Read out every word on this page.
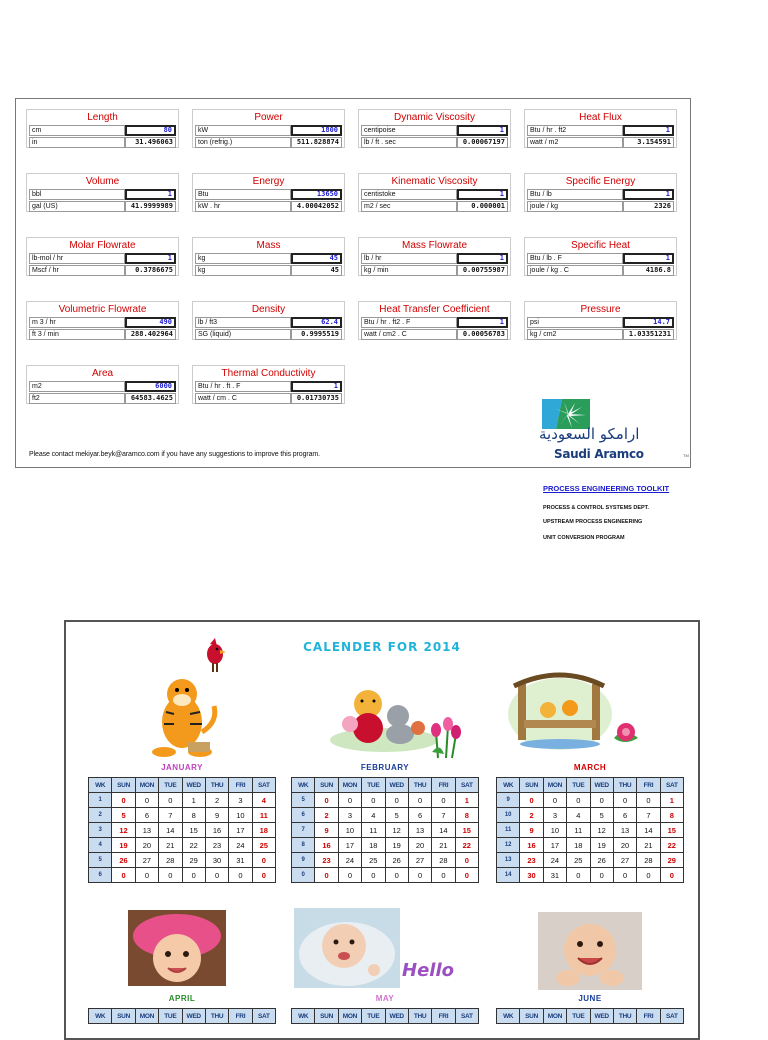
Length
cm	80
in	31.496063
Power
kW	1800
ton (refrig.)	511.828874
Dynamic Viscosity
centipoise	1
lb / ft . sec	0.00067197
Heat Flux
Btu / hr . ft2	1
watt / m2	3.154591
Volume
bbl	1
gal (US)	41.9999989
Energy
Btu	13650
kW . hr	4.00042052
Kinematic Viscosity
centistoke	1
m2 / sec	0.000001
Specific Energy
Btu / lb	1
joule / kg	2326
Molar Flowrate
lb-mol / hr	1
Mscf / hr	0.3786675
Mass
kg	45
kg	45
Mass Flowrate
lb / hr	1
kg / min	0.00755987
Specific Heat
Btu / lb . F	1
joule / kg . C	4186.8
Volumetric Flowrate
m 3 / hr	490
ft 3 / min	288.402964
Density
lb / ft3	62.4
SG (liquid)	0.9995519
Heat Transfer Coefficient
Btu / hr . ft2 . F	1
watt / cm2 . C	0.00056783
Pressure
psi	14.7
kg / cm2	1.03351231
Area
m2	6000
ft2	64583.4625
Thermal Conductivity
Btu / hr . ft . F	1
watt / cm . C	0.01730735
ارامكو السعودية
Saudi Aramco	TM
PROCESS ENGINEERING TOOLKIT
PROCESS & CONTROL SYSTEMS DEPT.
UPSTREAM PROCESS ENGINEERING
UNIT CONVERSION PROGRAM
Please contact mekiyar.beyk@aramco.com if you have any suggestions to improve this program.
CALENDER FOR 2014
Hello
JANUARY
WK	SUN	MON	TUE	WED	THU	FRI	SAT
1	0	0	0	1	2	3	4
2	5	6	7	8	9	10	11
3	12	13	14	15	16	17	18
4	19	20	21	22	23	24	25
5	26	27	28	29	30	31	0
6	0	0	0	0	0	0	0
FEBRUARY
WK	SUN	MON	TUE	WED	THU	FRI	SAT
5	0	0	0	0	0	0	1
6	2	3	4	5	6	7	8
7	9	10	11	12	13	14	15
8	16	17	18	19	20	21	22
9	23	24	25	26	27	28	0
0	0	0	0	0	0	0	0
MARCH
WK	SUN	MON	TUE	WED	THU	FRI	SAT
9	0	0	0	0	0	0	1
10	2	3	4	5	6	7	8
11	9	10	11	12	13	14	15
12	16	17	18	19	20	21	22
13	23	24	25	26	27	28	29
14	30	31	0	0	0	0	0
APRIL
WK	SUN	MON	TUE	WED	THU	FRI	SAT
MAY
WK	SUN	MON	TUE	WED	THU	FRI	SAT
JUNE
WK	SUN	MON	TUE	WED	THU	FRI	SAT
